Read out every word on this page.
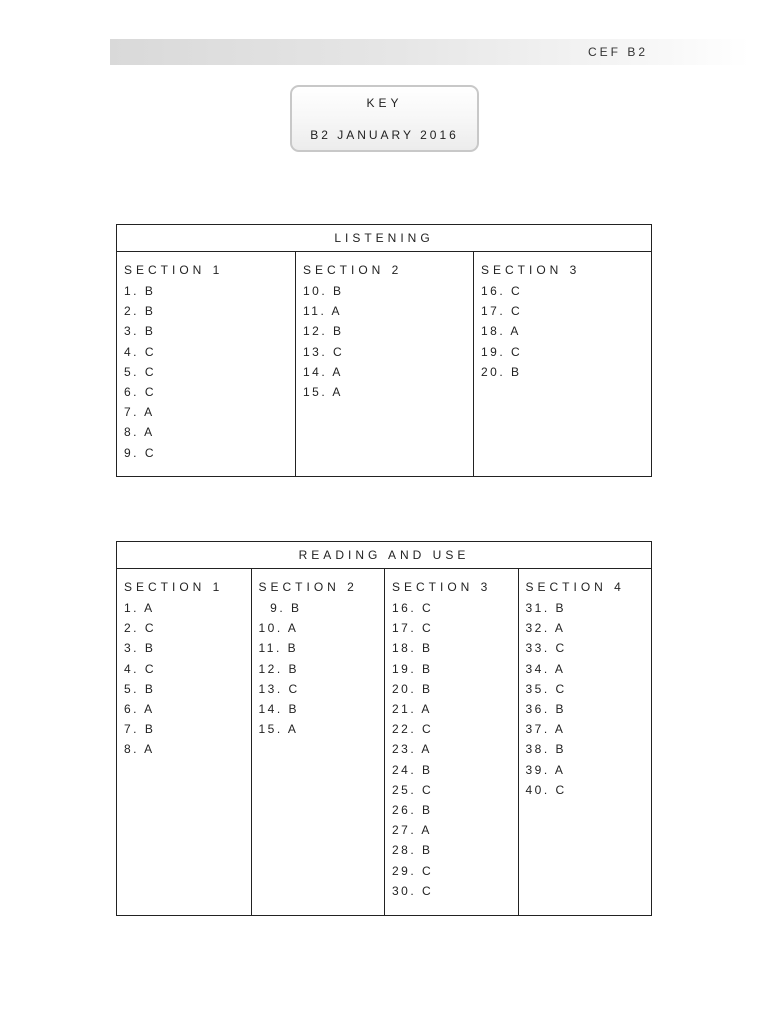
CEF B2
KEY
B2 JANUARY 2016
LISTENING
SECTION 1
1. B
2. B
3. B
4. C
5. C
6. C
7. A
8. A
9. C
SECTION 2
10. B
11. A
12. B
13. C
14. A
15. A
SECTION 3
16. C
17. C
18. A
19. C
20. B
READING AND USE
SECTION 1
1. A
2. C
3. B
4. C
5. B
6. A
7. B
8. A
SECTION 2
9. B
10. A
11. B
12. B
13. C
14. B
15. A
SECTION 3
16. C
17. C
18. B
19. B
20. B
21. A
22. C
23. A
24. B
25. C
26. B
27. A
28. B
29. C
30. C
SECTION 4
31. B
32. A
33. C
34. A
35. C
36. B
37. A
38. B
39. A
40. C
